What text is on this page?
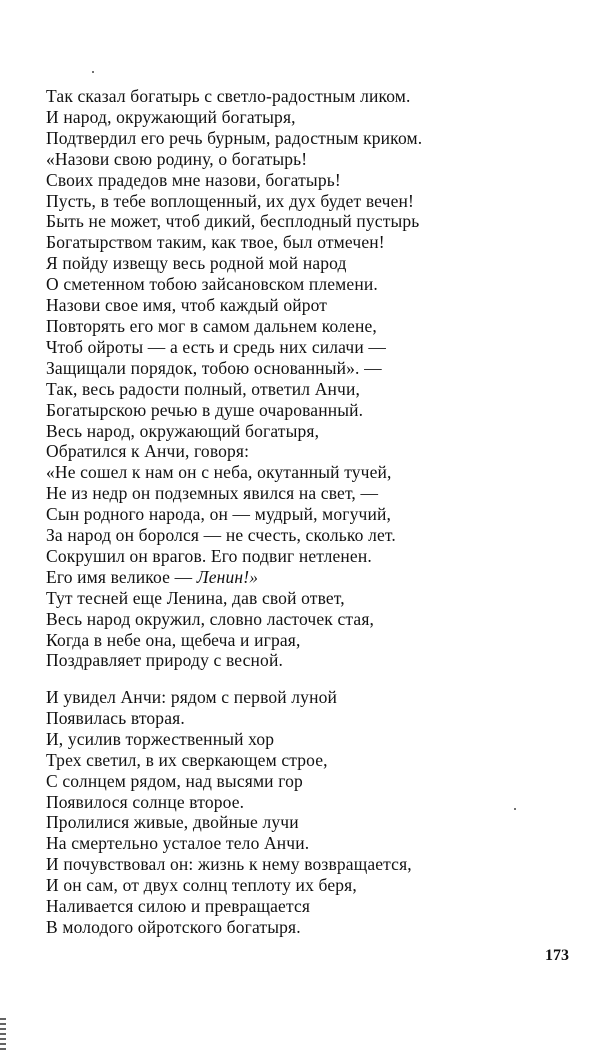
Так сказал богатырь с светло-радостным ликом.
И народ, окружающий богатыря,
Подтвердил его речь бурным, радостным криком.
«Назови свою родину, о богатырь!
Своих прадедов мне назови, богатырь!
Пусть, в тебе воплощенный, их дух будет вечен!
Быть не может, чтоб дикий, бесплодный пустырь
Богатырством таким, как твое, был отмечен!
Я пойду извещу весь родной мой народ
О сметенном тобою зайсановском племени.
Назови свое имя, чтоб каждый ойрот
Повторять его мог в самом дальнем колене,
Чтоб ойроты — а есть и средь них силачи —
Защищали порядок, тобою основанный». —
Так, весь радости полный, ответил Анчи,
Богатырскою речью в душе очарованный.
Весь народ, окружающий богатыря,
Обратился к Анчи, говоря:
«Не сошел к нам он с неба, окутанный тучей,
Не из недр он подземных явился на свет, —
Сын родного народа, он — мудрый, могучий,
За народ он боролся — не счесть, сколько лет.
Сокрушил он врагов. Его подвиг нетленен.
Его имя великое — Ленин!»
Тут тесней еще Ленина, дав свой ответ,
Весь народ окружил, словно ласточек стая,
Когда в небе она, щебеча и играя,
Поздравляет природу с весной.
И увидел Анчи: рядом с первой луной
Появилась вторая.
И, усилив торжественный хор
Трех светил, в их сверкающем строе,
С солнцем рядом, над высями гор
Появилося солнце второе.
Пролилися живые, двойные лучи
На смертельно усталое тело Анчи.
И почувствовал он: жизнь к нему возвращается,
И он сам, от двух солнц теплоту их беря,
Наливается силою и превращается
В молодого ойротского богатыря.
173
